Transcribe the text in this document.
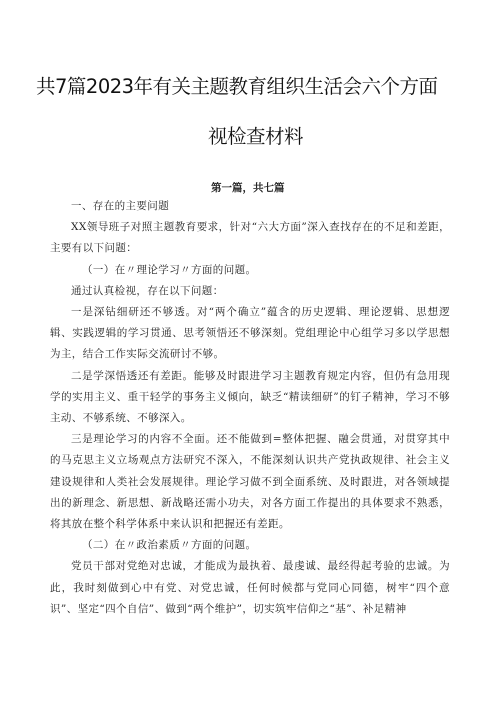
共7篇2023年有关主题教育组织生活会六个方面
视检查材料

第一篇，共七篇

一、存在的主要问题

XX领导班子对照主题教育要求，针对“六大方面”深入查找存在的不足和差距，主要有以下问题：

（一）在〃理论学习〃方面的问题。

通过认真检视，存在以下问题：

一是深钻细研还不够透。对“两个确立”蕴含的历史逻辑、理论逻辑、思想逻辑、实践逻辑的学习贯通、思考领悟还不够深刻。党组理论中心组学习多以学思想为主，结合工作实际交流研讨不够。

二是学深悟透还有差距。能够及时跟进学习主题教育规定内容，但仍有急用现学的实用主义、重干轻学的事务主义倾向，缺乏“精读细研”的钉子精神，学习不够主动、不够系统、不够深入。

三是理论学习的内容不全面。还不能做到=整体把握、融会贯通，对贯穿其中的马克思主义立场观点方法研究不深入，不能深刻认识共产党执政规律、社会主义建设规律和人类社会发展规律。理论学习做不到全面系统、及时跟进，对各领域提出的新理念、新思想、新战略还需小功夫，对各方面工作提出的具体要求不熟悉，将其放在整个科学体系中来认识和把握还有差距。

（二）在〃政治素质〃方面的问题。

党员干部对党绝对忠诚，才能成为最执着、最虔诚、最经得起考验的忠诚。为此，我时刻做到心中有党、对党忠诚，任何时候都与党同心同德，树牢“四个意识”、坚定“四个自信”、做到“两个维护”，切实筑牢信仰之“基”、补足精神
